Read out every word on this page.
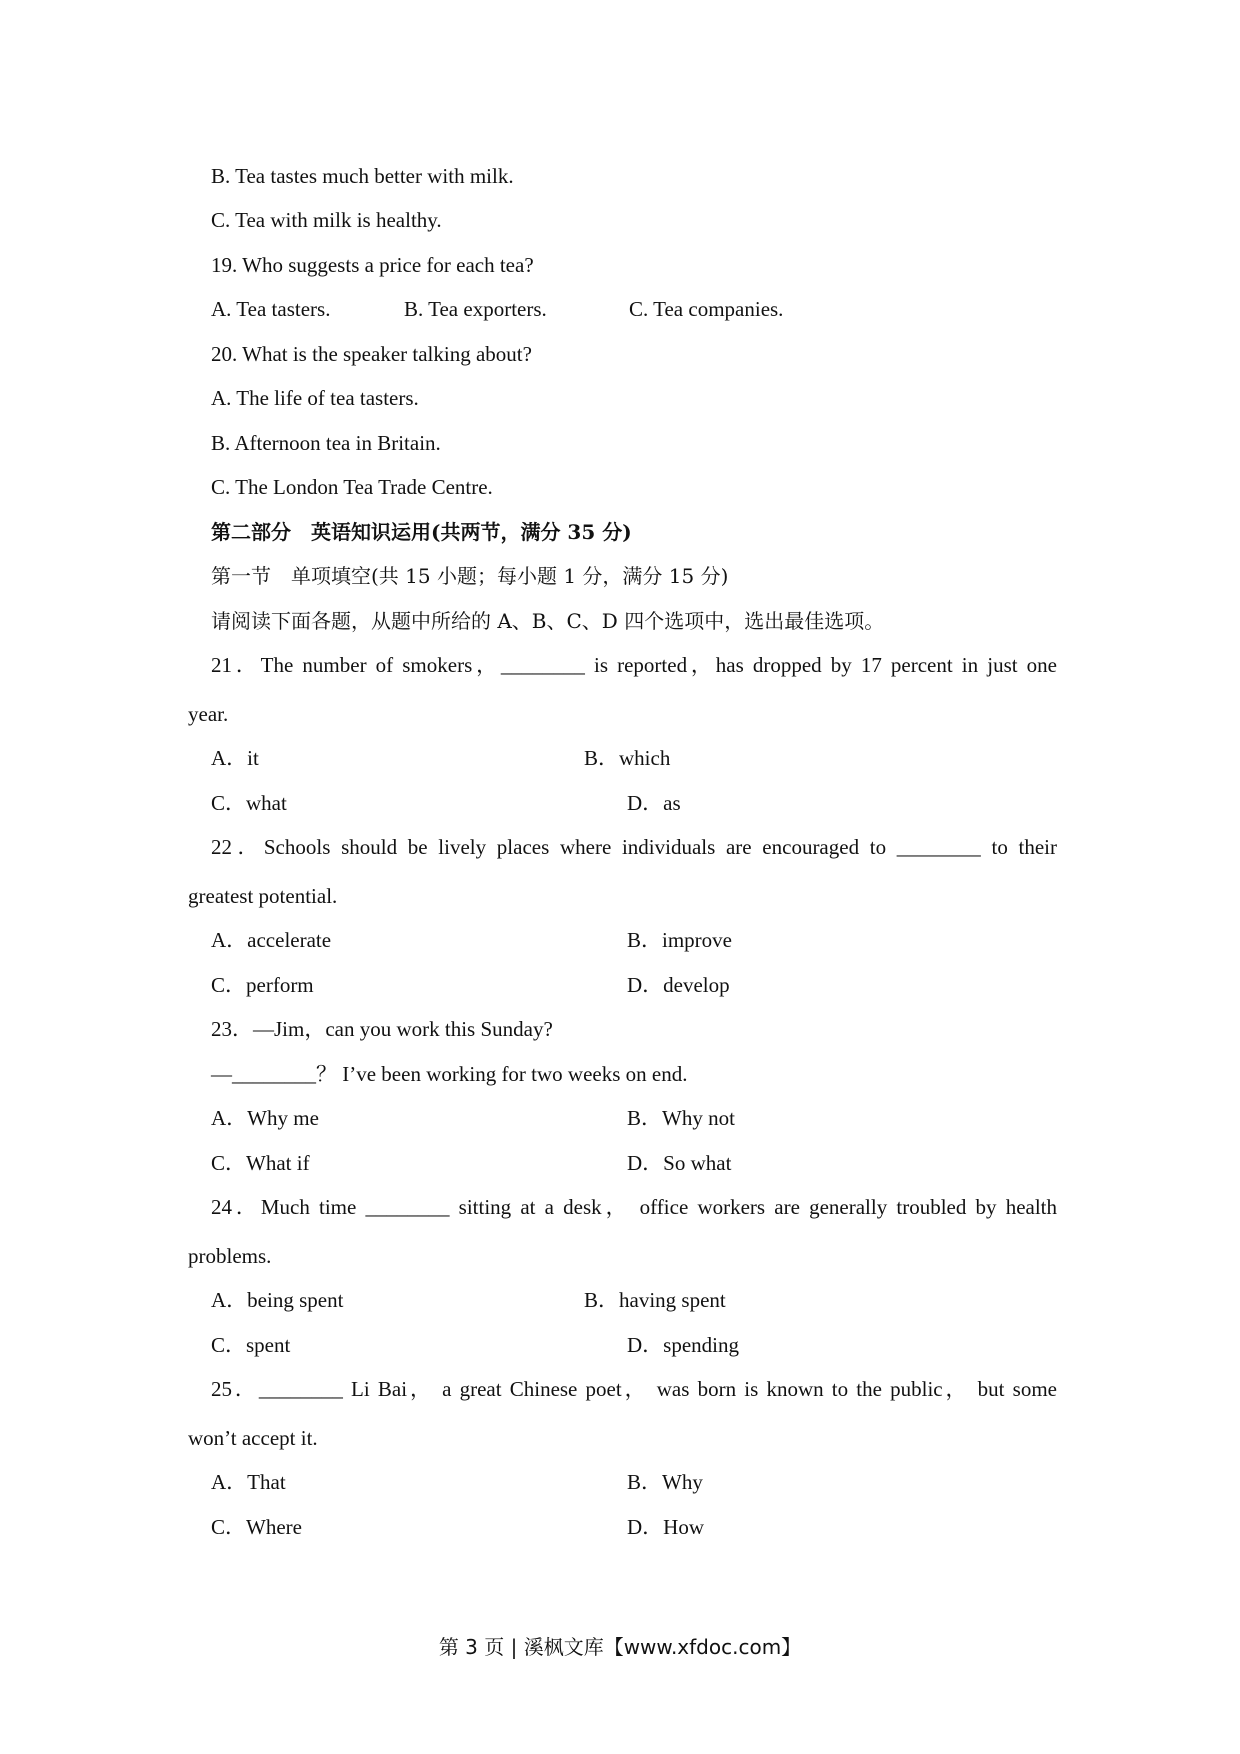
B. Tea tastes much better with milk.
C. Tea with milk is healthy.
19. Who suggests a price for each tea?
A. Tea tasters.	B. Tea exporters.	C. Tea companies.
20. What is the speaker talking about?
A. The life of tea tasters.
B. Afternoon tea in Britain.
C. The London Tea Trade Centre.
第二部分　英语知识运用(共两节，满分 35 分)
第一节　单项填空(共 15 小题；每小题 1 分，满分 15 分)
请阅读下面各题，从题中所给的 A、B、C、D 四个选项中，选出最佳选项。
21．The number of smokers，________ is reported，has dropped by 17 percent in just one
year.
A．it	B．which
C．what	D．as
22．Schools should be lively places where individuals are encouraged to ________ to their
greatest potential.
A．accelerate	B．improve
C．perform	D．develop
23．—Jim，can you work this Sunday?
—________？ I’ve been working for two weeks on end.
A．Why me	B．Why not
C．What if	D．So what
24．Much time ________ sitting at a desk， office workers are generally troubled by health
problems.
A．being spent	B．having spent
C．spent	D．spending
25．________ Li Bai， a great Chinese poet， was born is known to the public， but some
won’t accept it.
A．That	B．Why
C．Where	D．How
第 3 页 | 溪枫文库【www.xfdoc.com】
